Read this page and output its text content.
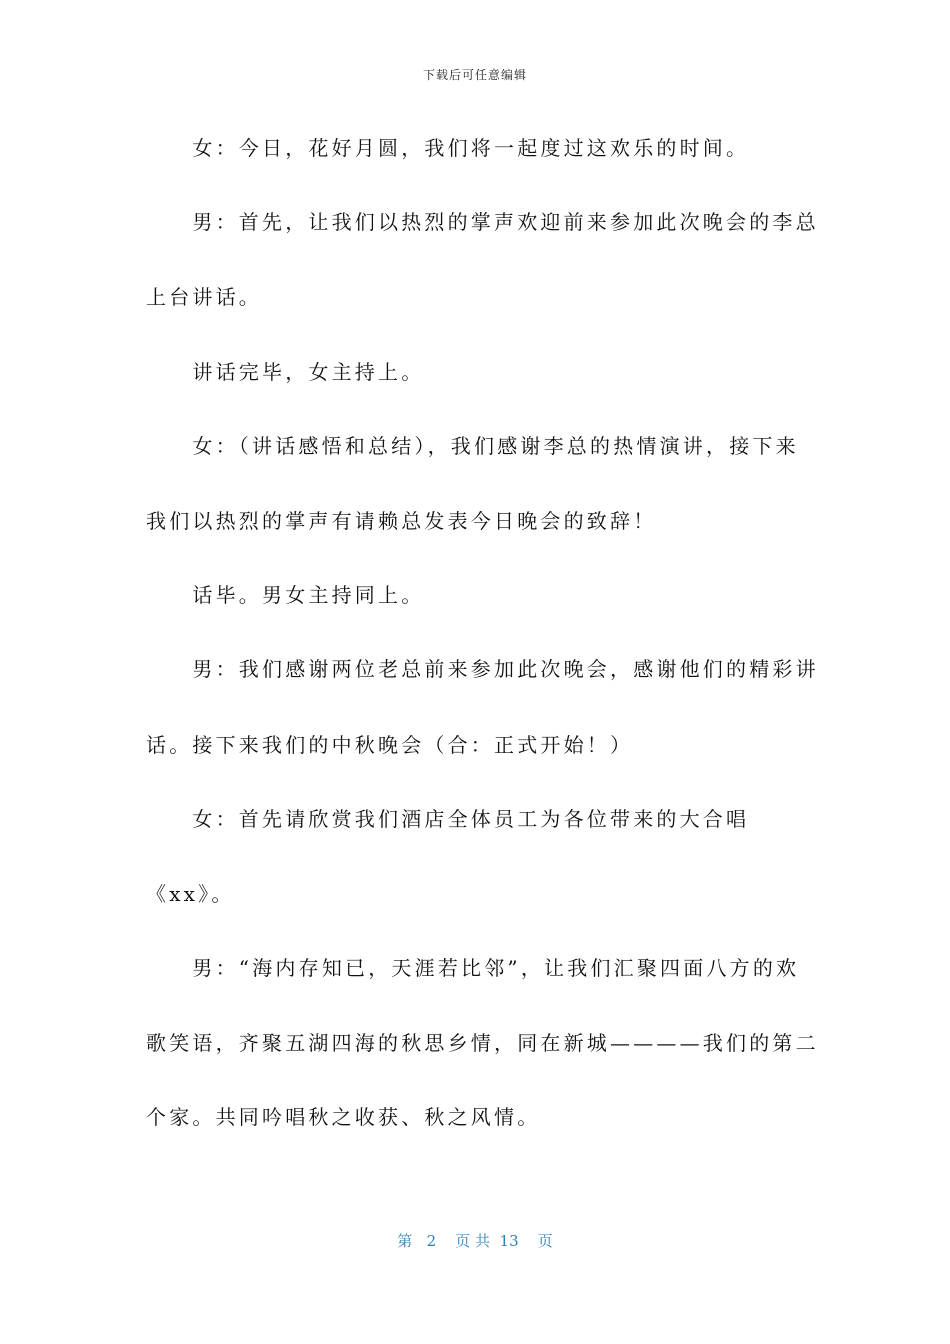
下载后可任意编辑
　　女：今日，花好月圆，我们将一起度过这欢乐的时间。
　　男：首先，让我们以热烈的掌声欢迎前来参加此次晚会的李总
上台讲话。
　　讲话完毕，女主持上。
　　女：（讲话感悟和总结），我们感谢李总的热情演讲，接下来
我们以热烈的掌声有请赖总发表今日晚会的致辞！
　　话毕。男女主持同上。
　　男：我们感谢两位老总前来参加此次晚会，感谢他们的精彩讲
话。接下来我们的中秋晚会（合：正式开始！）
　　女：首先请欣赏我们酒店全体员工为各位带来的大合唱
《xx》。
　　男：“海内存知已，天涯若比邻”，让我们汇聚四面八方的欢
歌笑语，齐聚五湖四海的秋思乡情，同在新城————我们的第二
个家。共同吟唱秋之收获、秋之风情。
第 2 页 共 13 页
